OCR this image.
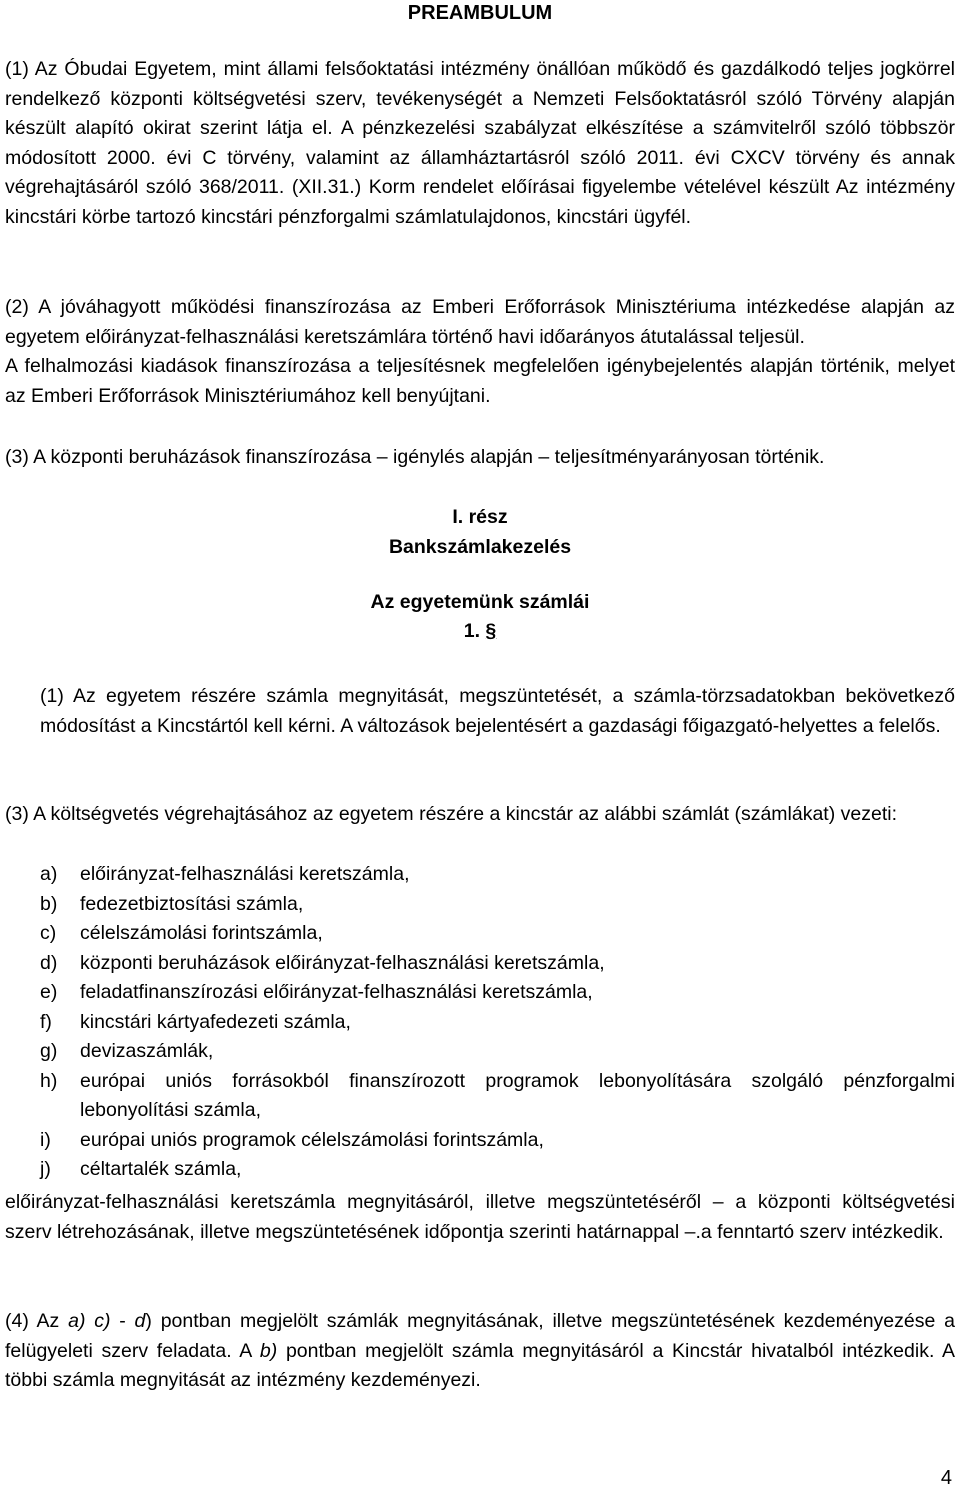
PREAMBULUM

(1) Az Óbudai Egyetem, mint állami felsőoktatási intézmény önállóan működő és gazdálkodó teljes jogkörrel rendelkező központi költségvetési szerv, tevékenységét a Nemzeti Felsőoktatásról szóló Törvény alapján készült alapító okirat szerint látja el. A pénzkezelési szabályzat elkészítése a számvitelről szóló többször módosított 2000. évi C törvény, valamint az államháztartásról szóló 2011. évi CXCV törvény és annak végrehajtásáról szóló 368/2011. (XII.31.) Korm rendelet előírásai figyelembe vételével készült Az intézmény kincstári körbe tartozó kincstári pénzforgalmi számlatulajdonos, kincstári ügyfél.

(2) A jóváhagyott működési finanszírozása az Emberi Erőforrások Minisztériuma intézkedése alapján az egyetem előirányzat-felhasználási keretszámlára történő havi időarányos átutalással teljesül.

A felhalmozási kiadások finanszírozása a teljesítésnek megfelelően igénybejelentés alapján történik, melyet az Emberi Erőforrások Minisztériumához kell benyújtani.

(3) A központi beruházások finanszírozása – igénylés alapján – teljesítményarányosan történik.

I. rész

Bankszámlakezelés

Az egyetemünk számlái

1. §

(1) Az egyetem részére számla megnyitását, megszüntetését, a számla-törzsadatokban bekövetkező módosítást a Kincstártól kell kérni. A változások bejelentésért a gazdasági főigazgató-helyettes a felelős.

(3) A költségvetés végrehajtásához az egyetem részére a kincstár az alábbi számlát (számlákat) vezeti:

a) előirányzat-felhasználási keretszámla,
b) fedezetbiztosítási számla,
c) célelszámolási forintszámla,
d) központi beruházások előirányzat-felhasználási keretszámla,
e) feladatfinanszírozási előirányzat-felhasználási keretszámla,
f) kincstári kártyafedezeti számla,
g) devizaszámlák,
h) európai uniós forrásokból finanszírozott programok lebonyolítására szolgáló pénzforgalmi lebonyolítási számla,
i) európai uniós programok célelszámolási forintszámla,
j) céltartalék számla,

előirányzat-felhasználási keretszámla megnyitásáról, illetve megszüntetéséről – a központi költségvetési szerv létrehozásának, illetve megszüntetésének időpontja szerinti határnappal –.a fenntartó szerv intézkedik.

(4) Az a) c) - d) pontban megjelölt számlák megnyitásának, illetve megszüntetésének kezdeményezése a felügyeleti szerv feladata. A b) pontban megjelölt számla megnyitásáról a Kincstár hivatalból intézkedik. A többi számla megnyitását az intézmény kezdeményezi.

4
